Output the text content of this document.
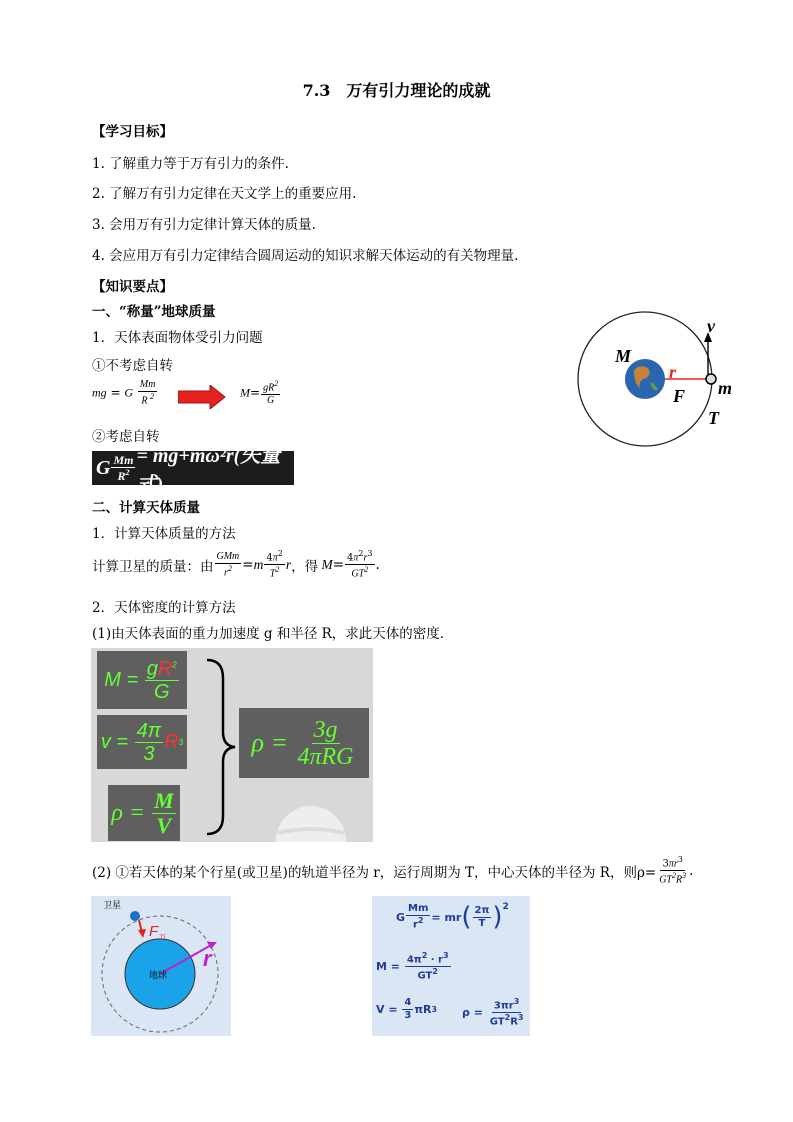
7.3　万有引力理论的成就
【学习目标】
1. 了解重力等于万有引力的条件.
2. 了解万有引力定律在天文学上的重要应用.
3. 会用万有引力定律计算天体的质量.
4. 会应用万有引力定律结合圆周运动的知识求解天体运动的有关物理量.
【知识要点】
一、“称量”地球质量
1．天体表面物体受引力问题
①不考虑自转
mg = G $\frac{Mm}{R ^2}$	$M= \frac{gR^2}{G}$
②考虑自转
G $\frac{Mm}{R^2} = mg+m\omega^2r$(矢量式)
M
r
F m
T
v
二、计算天体质量
1．计算天体质量的方法
计算卫星的质量：由 $\frac{\text{GMm}}{r^2} = m \frac{4\pi^2}{T^2}$ r ，得 $M = \frac{4\pi^2r^3}{GT^2}$ .
2．天体密度的计算方法
(1)由天体表面的重力加速度 g 和半径 R，求此天体的密度．
$M = \frac{gR^2}{G}$
$v = \frac{4\pi}{3}$ R 3
$\rho = \frac{M}{V}$
$\rho = \frac{3g}{\text{4πRG}}$
(2) ①若天体的某个行星(或卫星)的轨道半径为 r，运行周期为 T，中心天体的半径为 R，则$\rho= \frac{3\pi r^3}{GT^2R^3}$ .
卫星
F 万
地球
r
G $\frac{Mm}{r^2}$ = mr ( $\frac{2\pi}{T} )^2$
$M = \frac{4\pi^2 \cdot r^3}{GT^2}$
$V = \frac{4}{3}$ πR 3 $\rho = \frac{3\pi r^3}{GT^2R^3}$
